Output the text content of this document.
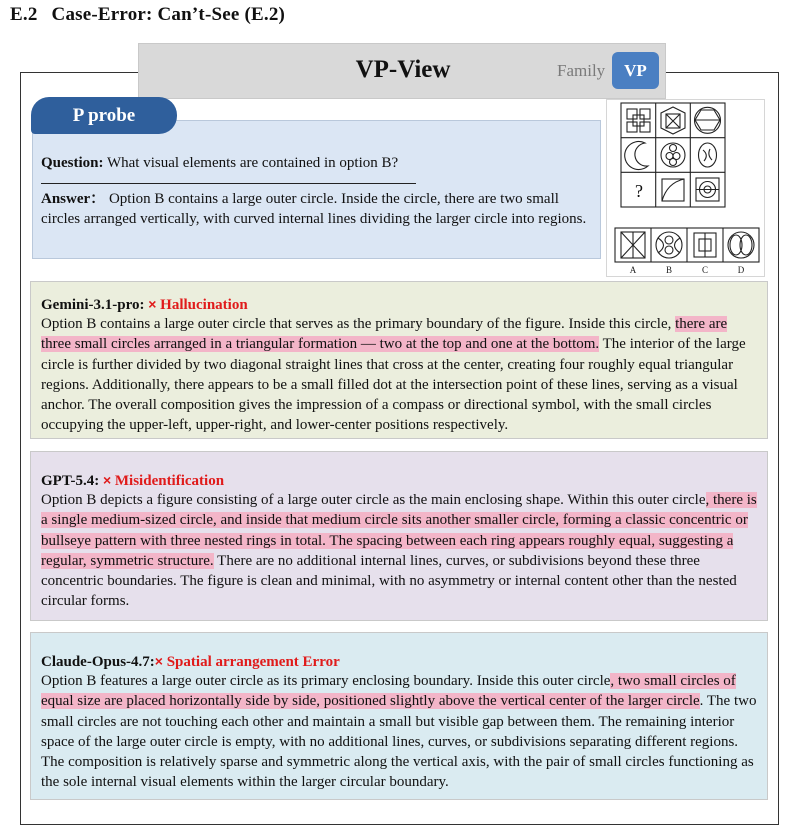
E.2 Case-Error: Can’t-See (E.2)
VP-View	Family	VP
P probe
Question: What visual elements are contained in option B?
Answer： Option B contains a large outer circle. Inside the circle, there are two small circles arranged vertically, with curved internal lines dividing the larger circle into regions.
?
A	B	C	D
Gemini-3.1-pro: × Hallucination
Option B contains a large outer circle that serves as the primary boundary of the figure. Inside this circle, there are three small circles arranged in a triangular formation — two at the top and one at the bottom. The interior of the large circle is further divided by two diagonal straight lines that cross at the center, creating four roughly equal triangular regions. Additionally, there appears to be a small filled dot at the intersection point of these lines, serving as a visual anchor. The overall composition gives the impression of a compass or directional symbol, with the small circles occupying the upper-left, upper-right, and lower-center positions respectively.
GPT-5.4: × Misidentification
Option B depicts a figure consisting of a large outer circle as the main enclosing shape. Within this outer circle, there is a single medium-sized circle, and inside that medium circle sits another smaller circle, forming a classic concentric or bullseye pattern with three nested rings in total. The spacing between each ring appears roughly equal, suggesting a regular, symmetric structure. There are no additional internal lines, curves, or subdivisions beyond these three concentric boundaries. The figure is clean and minimal, with no asymmetry or internal content other than the nested circular forms.
Claude-Opus-4.7:× Spatial arrangement Error
Option B features a large outer circle as its primary enclosing boundary. Inside this outer circle, two small circles of equal size are placed horizontally side by side, positioned slightly above the vertical center of the larger circle. The two small circles are not touching each other and maintain a small but visible gap between them. The remaining interior space of the large outer circle is empty, with no additional lines, curves, or subdivisions separating different regions. The composition is relatively sparse and symmetric along the vertical axis, with the pair of small circles functioning as the sole internal visual elements within the larger circular boundary.
